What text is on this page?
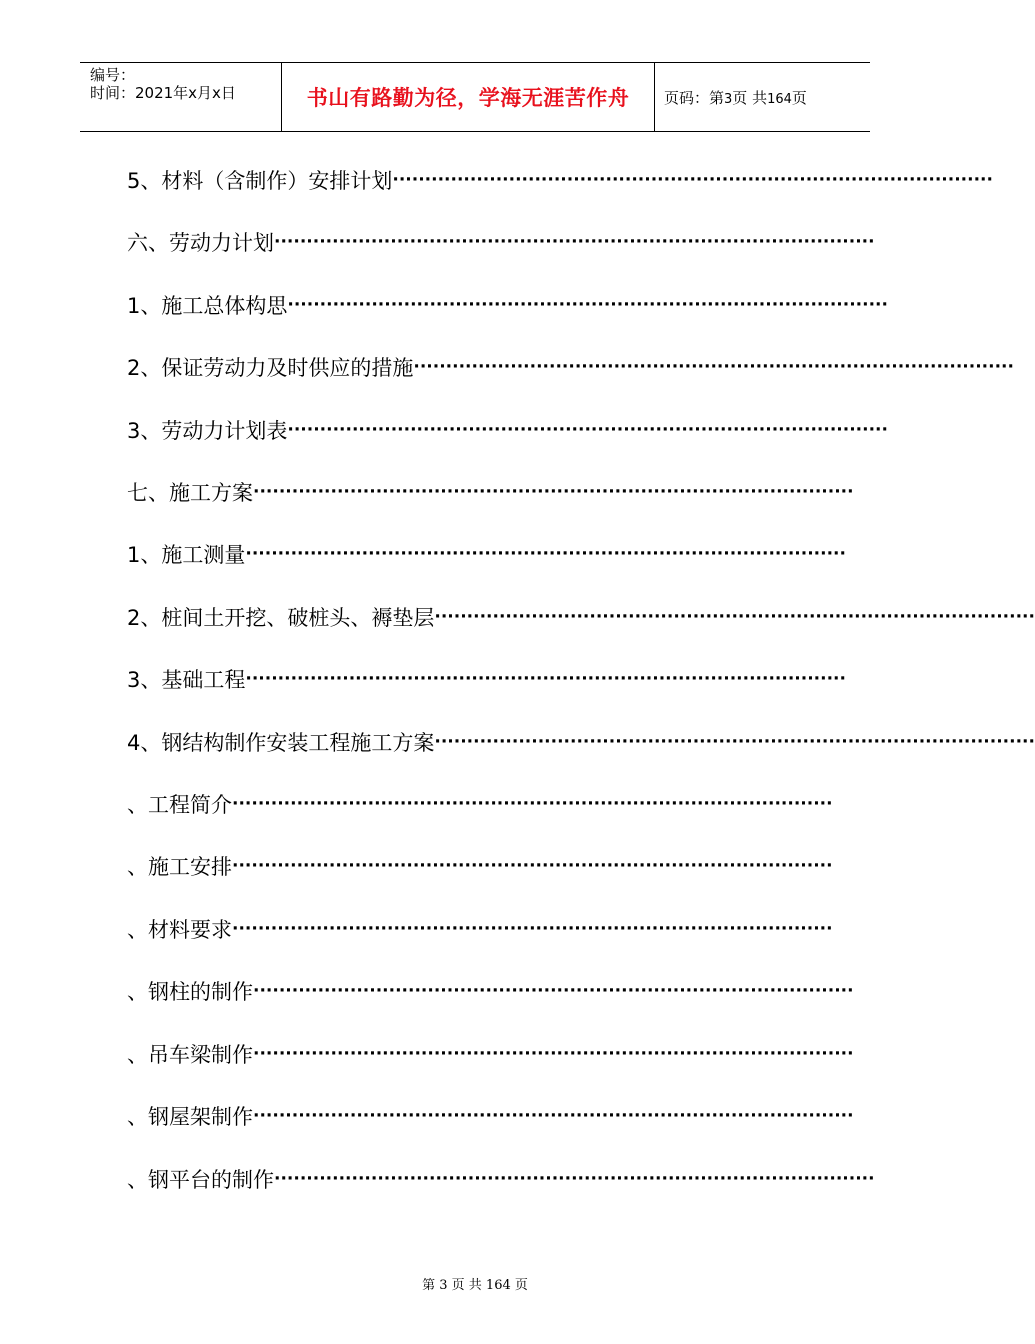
编号：
时间：2021年x月x日	书山有路勤为径，学海无涯苦作舟 页码：第3页 共164页
5、材料（含制作）安排计划 ·····························································································
六、劳动力计划 ·····························································································
1、施工总体构思 ·····························································································
2、保证劳动力及时供应的措施 ·····························································································
3、劳动力计划表 ·····························································································
七、施工方案 ·····························································································
1、施工测量 ·····························································································
2、桩间土开挖、破桩头、褥垫层 ·····························································································
3、基础工程 ·····························································································
4、钢结构制作安装工程施工方案 ·····························································································
、工程简介 ·····························································································
、施工安排 ·····························································································
、材料要求 ·····························································································
、钢柱的制作 ·····························································································
、吊车梁制作 ·····························································································
、钢屋架制作 ·····························································································
、钢平台的制作 ·····························································································
第 3 页 共 164 页
